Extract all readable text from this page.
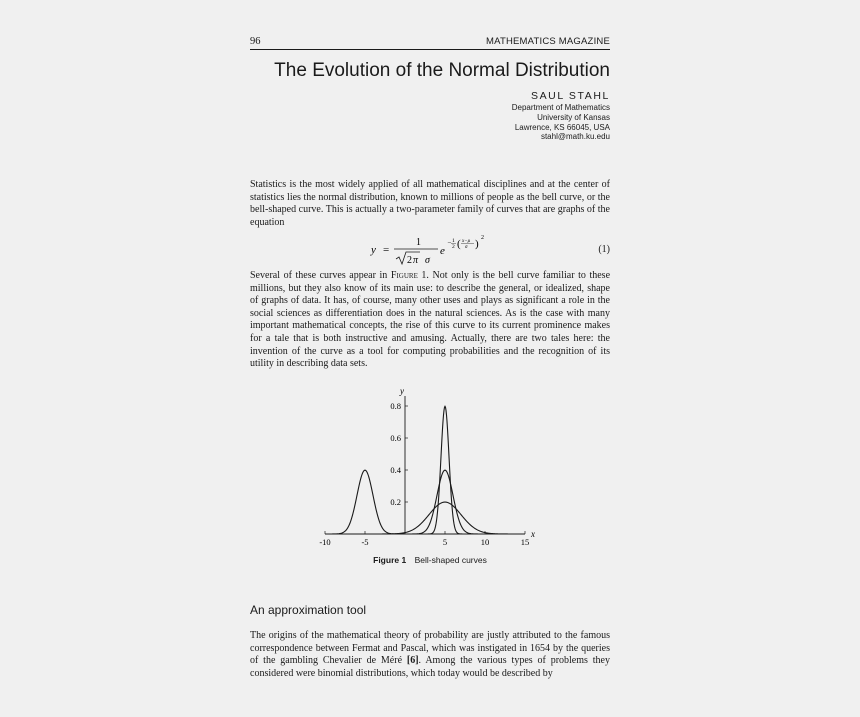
96	MATHEMATICS MAGAZINE
The Evolution of the Normal Distribution
SAUL STAHL
Department of Mathematics
University of Kansas
Lawrence, KS 66045, USA
stahl@math.ku.edu
Statistics is the most widely applied of all mathematical disciplines and at the center of statistics lies the normal distribution, known to millions of people as the bell curve, or the bell-shaped curve. This is actually a two-parameter family of curves that are graphs of the equation
y =
1
2 π σ
e
− 1
2 ( x−μ
σ ) 2
(1)
Several of these curves appear in Figure 1. Not only is the bell curve familiar to these millions, but they also know of its main use: to describe the general, or idealized, shape of graphs of data. It has, of course, many other uses and plays as significant a role in the social sciences as differentiation does in the natural sciences. As is the case with many important mathematical concepts, the rise of this curve to its current prominence makes for a tale that is both instructive and amusing. Actually, there are two tales here: the invention of the curve as a tool for computing probabilities and the recognition of its utility in describing data sets.
-10	-5	5	10	15
0.2
0.4
0.6
0.8
y
x
Figure 1 Bell-shaped curves
An approximation tool
The origins of the mathematical theory of probability are justly attributed to the famous correspondence between Fermat and Pascal, which was instigated in 1654 by the queries of the gambling Chevalier de Méré [6]. Among the various types of problems they considered were binomial distributions, which today would be described by
